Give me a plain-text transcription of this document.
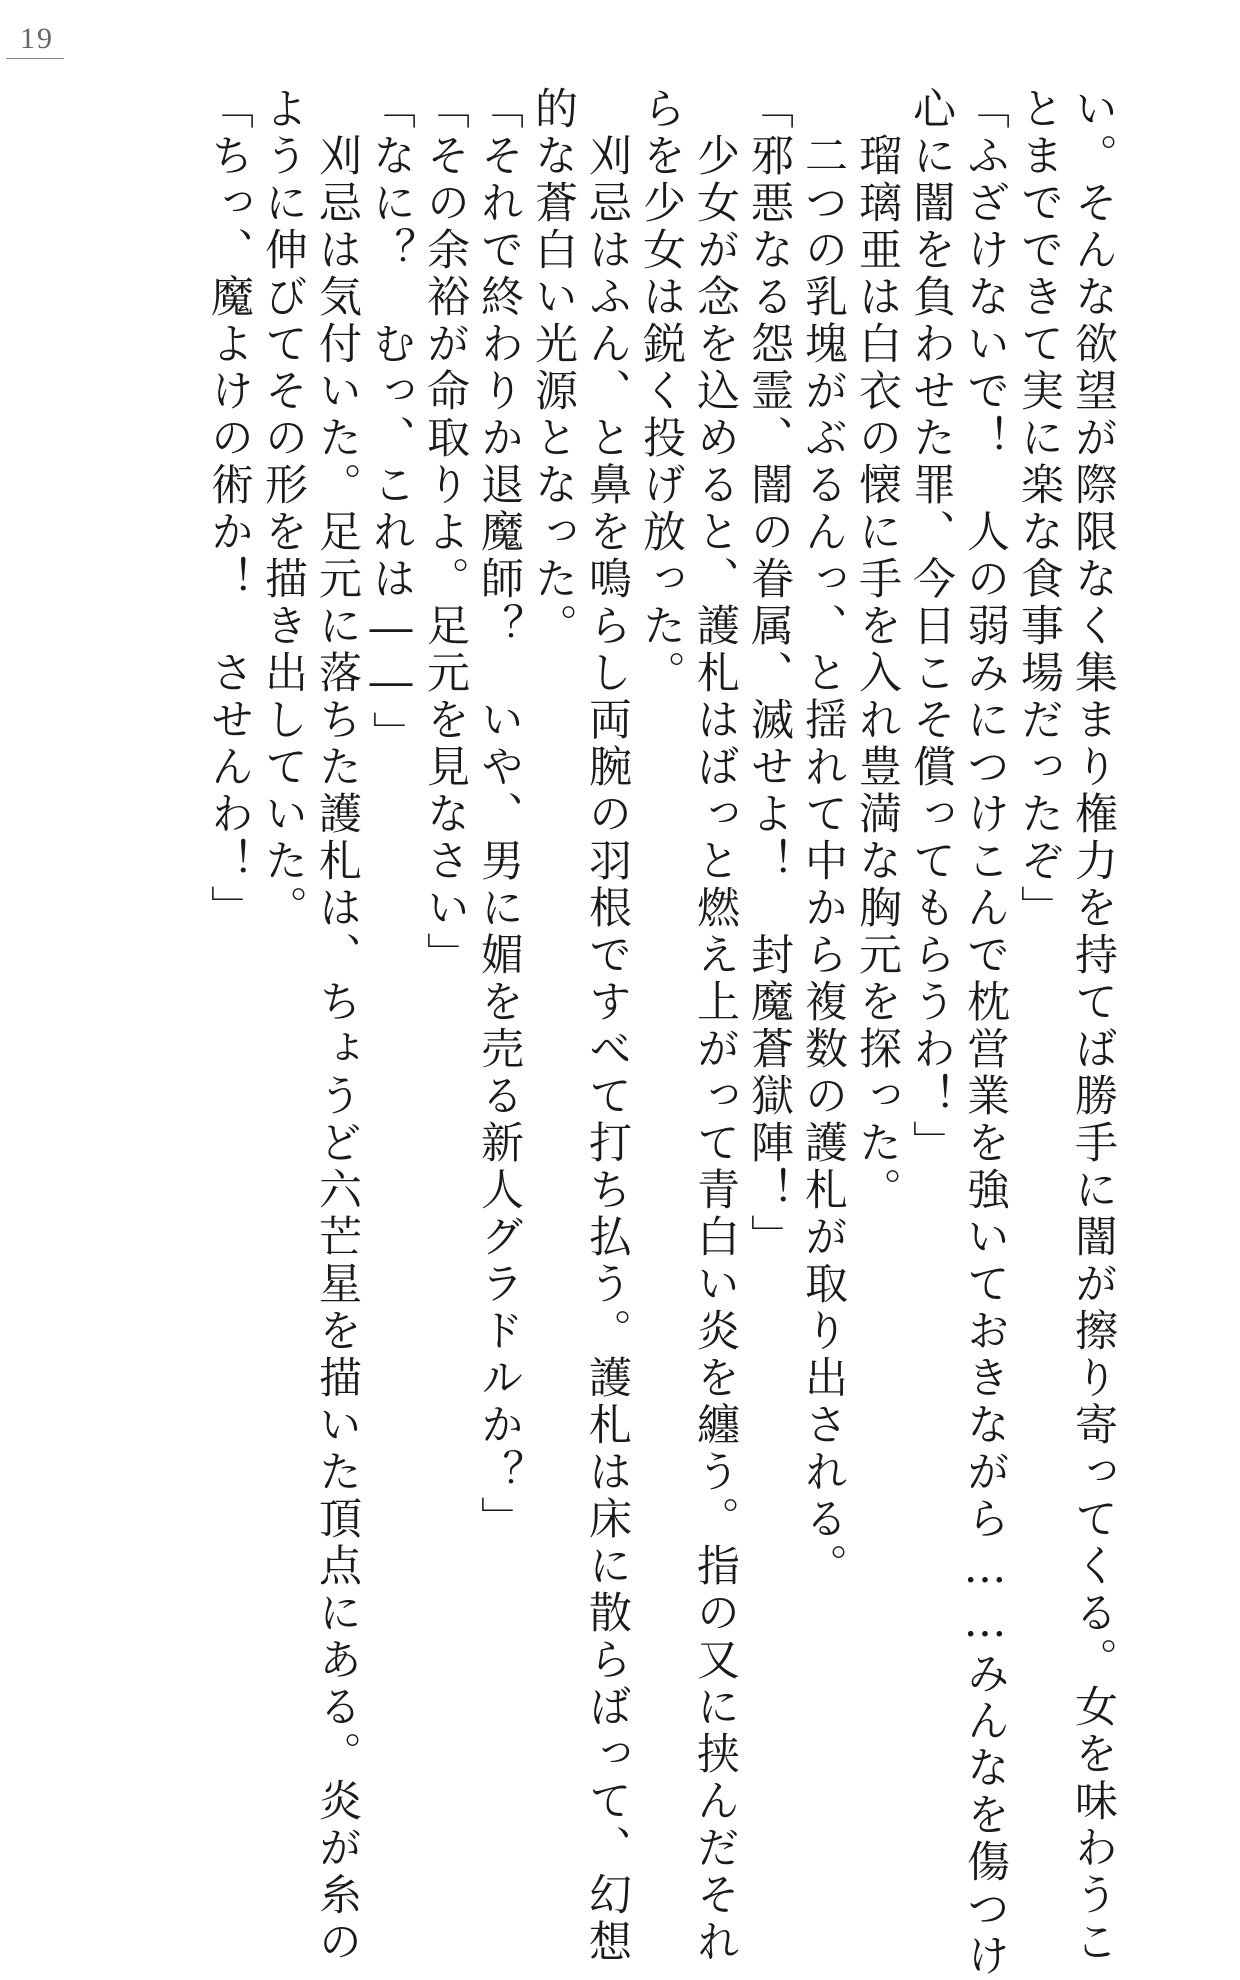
19
い。そんな欲望が際限なく集まり権力を持てば勝手に闇が擦り寄ってくる。女を味わうこ
とまでできて実に楽な食事場だったぞ」
「ふざけないで！　人の弱みにつけこんで枕営業を強いておきながら……みんなを傷つけ
心に闇を負わせた罪、今日こそ償ってもらうわ！」
　瑠璃亜は白衣の懐に手を入れ豊満な胸元を探った。
　二つの乳塊がぶるんっ、と揺れて中から複数の護札が取り出される。
「邪悪なる怨霊、闇の眷属、滅せよ！　封魔蒼獄陣！」
　少女が念を込めると、護札はばっと燃え上がって青白い炎を纏う。指の又に挟んだそれ
らを少女は鋭く投げ放った。
　刈忌はふん、と鼻を鳴らし両腕の羽根ですべて打ち払う。護札は床に散らばって、幻想
的な蒼白い光源となった。
「それで終わりか退魔師？　いや、男に媚を売る新人グラドルか？」
「その余裕が命取りよ。足元を見なさい」
「なに？　むっ、これは――」
　刈忌は気付いた。足元に落ちた護札は、ちょうど六芒星を描いた頂点にある。炎が糸の
ように伸びてその形を描き出していた。
「ちっ、魔よけの術か！　させんわ！」
